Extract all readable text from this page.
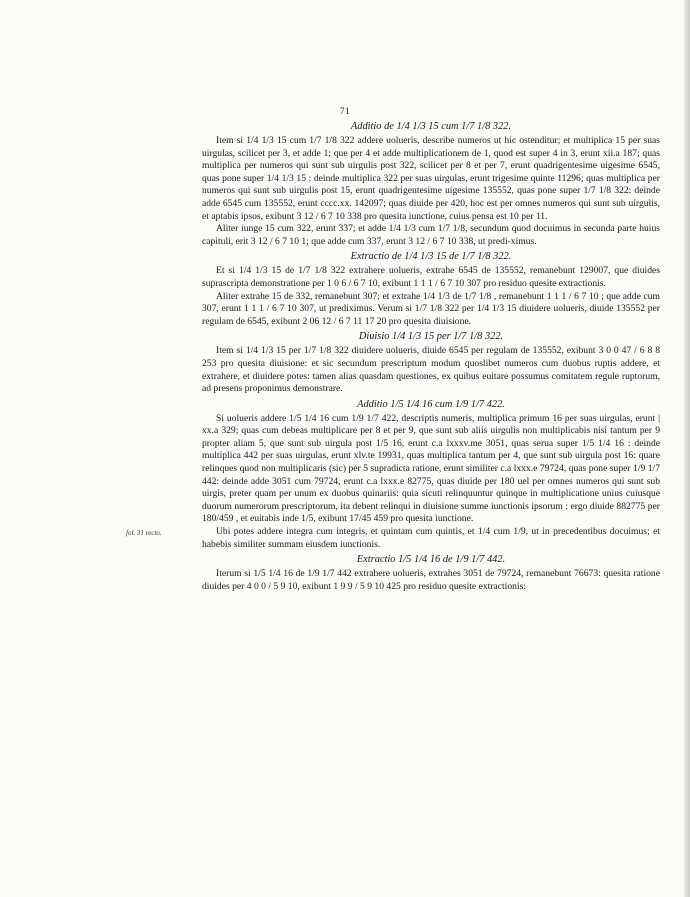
71
fol. 31 recto.

Additio de 1/4 1/3 15 cum 1/7 1/8 322.

Item si 1/4 1/3 15 cum 1/7 1/8 322 addere uolueris, describe numeros ut hic ostenditur; et multiplica 15 per suas uirgulas, scilicet per 3, et adde 1; que per 4 et adde multiplicationem de 1, quod est super 4 in 3, erunt xii.a 187; quas multiplica per numeros qui sunt sub uirgulis post 322, scilicet per 8 et per 7, erunt quadrigentesime uigesime 6545, quas pone super 1/4 1/3 15 : deinde multiplica 322 per suas uirgulas, erunt trigesime quinte 11296; quas multiplica per numeros qui sunt sub uirgulis post 15, erunt quadrigentesime uigesime 135552, quas pone super 1/7 1/8 322: deinde adde 6545 cum 135552, erunt cccc.xx. 142097; quas diuide per 420, hoc est per omnes numeros qui sunt sub uirgulis, et aptabis ipsos, exibunt 3 12 / 6 7 10 338 pro quesita iunctione, cuius pensa est 10 per 11.

Aliter iunge 15 cum 322, erunt 337; et adde 1/4 1/3 cum 1/7 1/8, secundum quod docuimus in secunda parte huius capituli, erit 3 12 / 6 7 10 1; que adde cum 337, erunt 3 12 / 6 7 10 338, ut predi-ximus.

Extractio de 1/4 1/3 15 de 1/7 1/8 322.

Et si 1/4 1/3 15 de 1/7 1/8 322 extrahere uolueris, extrahe 6545 de 135552, remanebunt 129007, que diuides suprascripta demonstratione per 1 0 6 / 6 7 10, exibunt 1 1 1 / 6 7 10 307 pro residuo quesite extractionis.

Aliter extrahe 15 de 332, remanebunt 307; et extrahe 1/4 1/3 de 1/7 1/8 , remanebunt 1 1 1 / 6 7 10 ; que adde cum 307, erunt 1 1 1 / 6 7 10 307, ut prediximus. Verum si 1/7 1/8 322 per 1/4 1/3 15 diuidere uolueris, diuide 135552 per regulam de 6545, exibunt 2 06 12 / 6 7 11 17 20 pro quesita diuisione.

Diuisio 1/4 1/3 15 per 1/7 1/8 322.

Item si 1/4 1/3 15 per 1/7 1/8 322 diuidere uolueris, diuide 6545 per regulam de 135552, exibunt 3 0 0 47 / 6 8 8 253 pro quesita diuisione: et sic secundum prescriptum modum quoslibet numeros cum duobus ruptis addere, et extrahere, et diuidere potes: tamen alias quasdam questiones, ex quibus euitare possumus comitatem regule ruptorum, ad presens proponimus demonstrare.

Additio 1/5 1/4 16 cum 1/9 1/7 422.

Si uolueris addere 1/5 1/4 16 cum 1/9 1/7 422, descriptis numeris, multiplica primum 16 per suas uirgulas, erunt | xx.a 329; quas cum debeas multiplicare per 8 et per 9, que sunt sub aliis uirgulis non multiplicabis nisi tantum per 9 propter aliam 5, que sunt sub uirgula post 1/5 16, erunt c.a lxxxv.me 3051, quas serua super 1/5 1/4 16 : deinde multiplica 442 per suas uirgulas, erunt xlv.te 19931, quas multiplica tantum per 4, que sunt sub uirgula post 16: quare relinques quod non multiplicaris (sic) per 5 supradicta ratione, erunt similiter c.a lxxx.e 79724, quas pone super 1/9 1/7 442: deinde adde 3051 cum 79724, erunt c.a lxxx.e 82775, quas diuide per 180 uel per omnes numeros qui sunt sub uirgis, preter quam per unum ex duobus quinariis: quia sicuti relinquuntur quinque in multiplicatione unius cuiusque duorum numerorum prescriptorum, ita debent relinqui in diuisione summe iunctionis ipsorum : ergo diuide 882775 per 180/459 , et euitabis inde 1/5, exibunt 17/45 459 pro quesita iunctione.

Ubi potes addere integra cum integris, et quintam cum quintis, et 1/4 cum 1/9, ut in precedentibus docuimus; et habebis similiter summam eiusdem iunctionis.

Extractio 1/5 1/4 16 de 1/9 1/7 442.

Iterum si 1/5 1/4 16 de 1/9 1/7 442 extrahere uolueris, extrahes 3051 de 79724, remanebunt 76673: quesita ratione diuides per 4 0 0 / 5 9 10, exibunt 1 9 9 / 5 9 10 425 pro residuo quesite extractionis:
